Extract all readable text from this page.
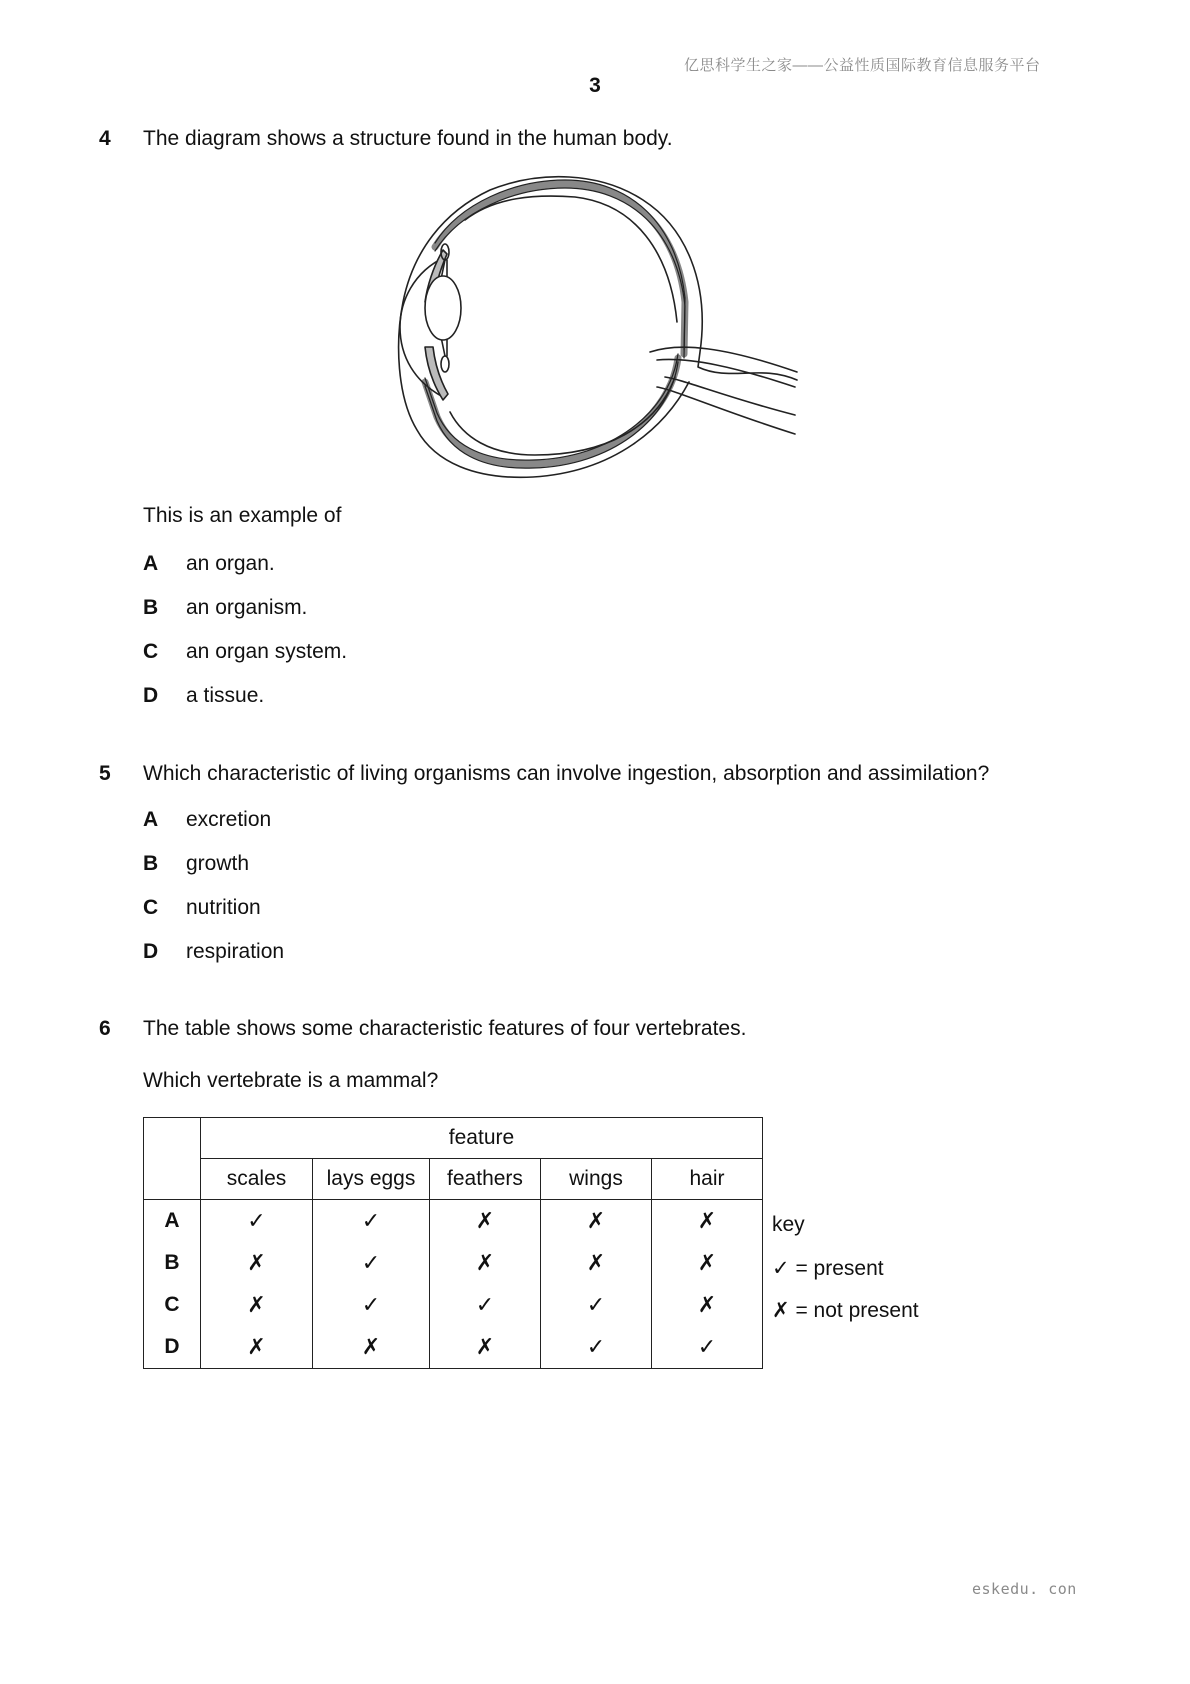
亿思科学生之家——公益性质国际教育信息服务平台
3
4 The diagram shows a structure found in the human body.
This is an example of
A an organ.
B an organism.
C an organ system.
D a tissue.
5 Which characteristic of living organisms can involve ingestion, absorption and assimilation?
A excretion
B growth
C nutrition
D respiration
6 The table shows some characteristic features of four vertebrates.
Which vertebrate is a mammal?
	feature				
	scales	lays eggs	feathers	wings	hair
A	✓	✓	✗	✗	✗
B	✗	✓	✗	✗	✗
C	✗	✓	✓	✓	✗
D	✗	✗	✗	✓	✓
key
✓ = present
✗ = not present
eskedu. con
